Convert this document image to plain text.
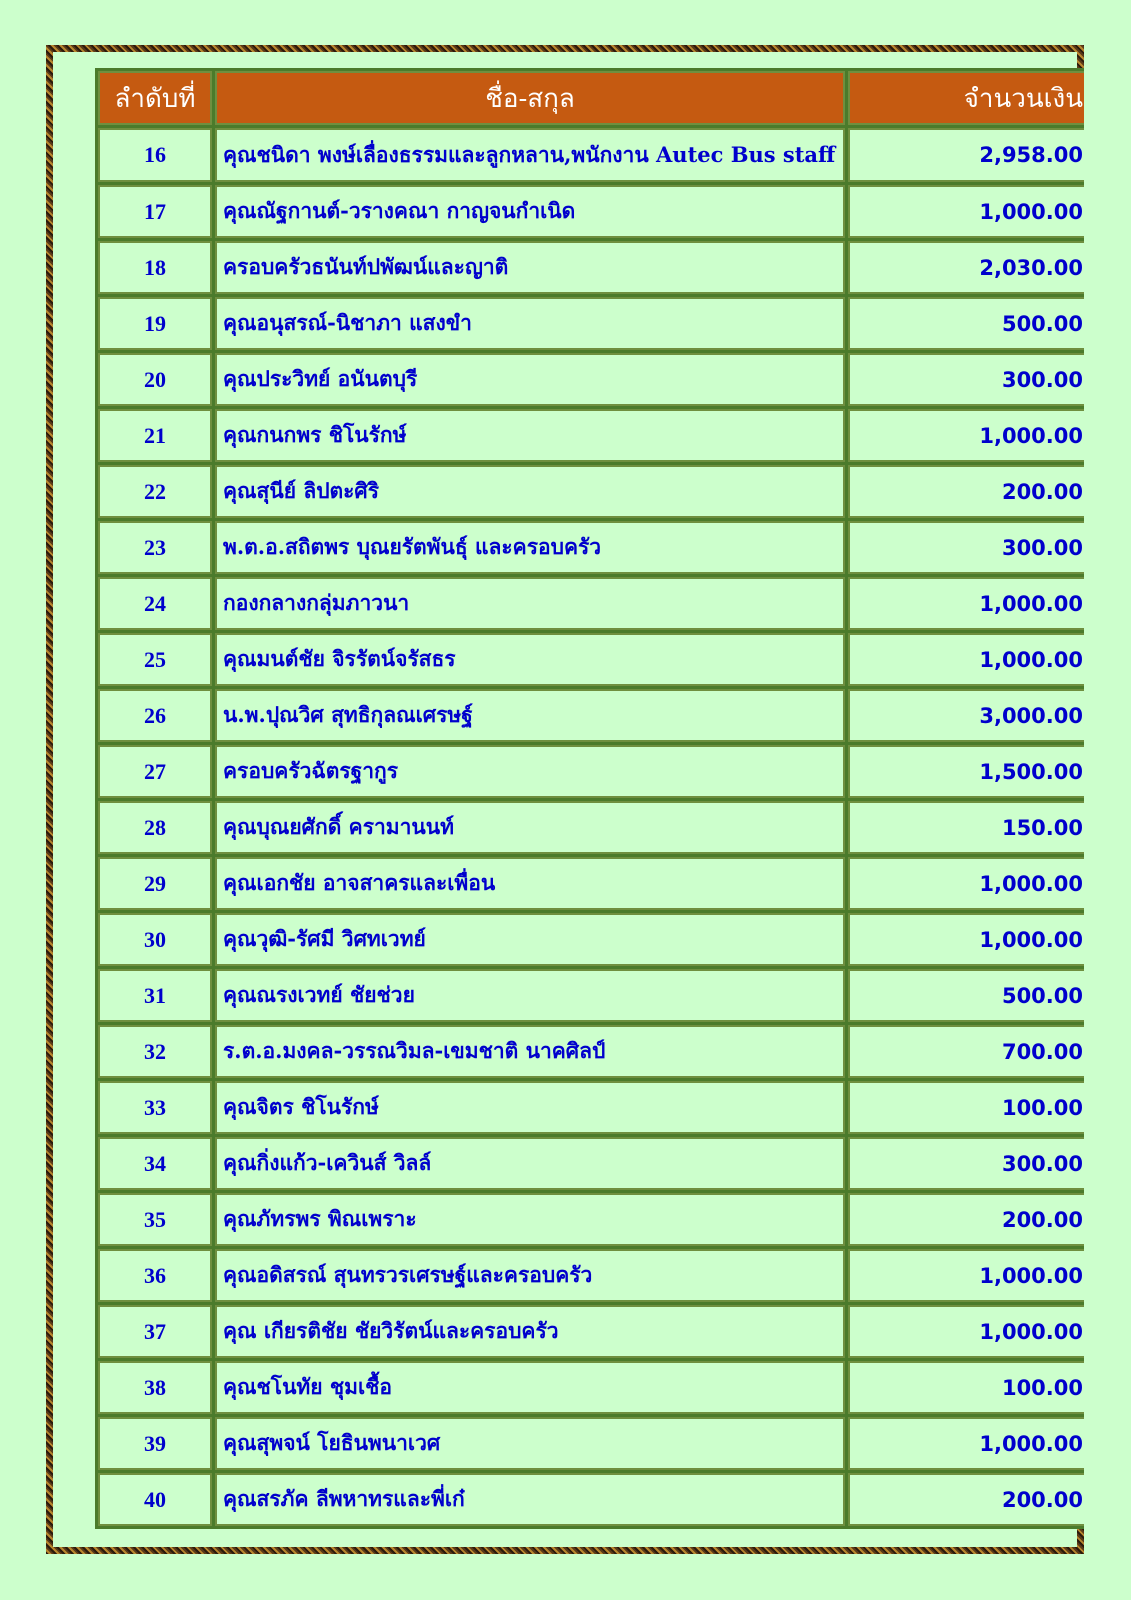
ลำดับที่	ชื่อ-สกุล	จำนวนเงิน
16	คุณชนิดา พงษ์เลื่องธรรมและลูกหลาน,พนักงาน Autec Bus staff	2,958.00
17	คุณณัฐกานต์-วรางคณา กาญจนกำเนิด	1,000.00
18	ครอบครัวธนันท์ปพัฒน์และญาติ	2,030.00
19	คุณอนุสรณ์-นิชาภา แสงขำ	500.00
20	คุณประวิทย์ อนันตบุรี	300.00
21	คุณกนกพร ชิโนรักษ์	1,000.00
22	คุณสุนีย์ ลิปตะศิริ	200.00
23	พ.ต.อ.สถิตพร บุณยรัตพันธุ์ และครอบครัว	300.00
24	กองกลางกลุ่มภาวนา	1,000.00
25	คุณมนต์ชัย จิรรัตน์จรัสธร	1,000.00
26	น.พ.ปุณวิศ สุทธิกุลณเศรษฐ์	3,000.00
27	ครอบครัวฉัตรฐากูร	1,500.00
28	คุณบุณยศักดิ์ ครามานนท์	150.00
29	คุณเอกชัย อาจสาครและเพื่อน	1,000.00
30	คุณวุฒิ-รัศมี วิศทเวทย์	1,000.00
31	คุณณรงเวทย์ ชัยช่วย	500.00
32	ร.ต.อ.มงคล-วรรณวิมล-เขมชาติ นาคศิลป์	700.00
33	คุณจิตร ชิโนรักษ์	100.00
34	คุณกิ่งแก้ว-เควินส์ วิลล์	300.00
35	คุณภัทรพร พิณเพราะ	200.00
36	คุณอดิสรณ์ สุนทรวรเศรษฐ์และครอบครัว	1,000.00
37	คุณ เกียรติชัย ชัยวิรัตน์และครอบครัว	1,000.00
38	คุณชโนทัย ชุมเชื้อ	100.00
39	คุณสุพจน์ โยธินพนาเวศ	1,000.00
40	คุณสรภัค ลีพหาทรและพี่เก๋	200.00
